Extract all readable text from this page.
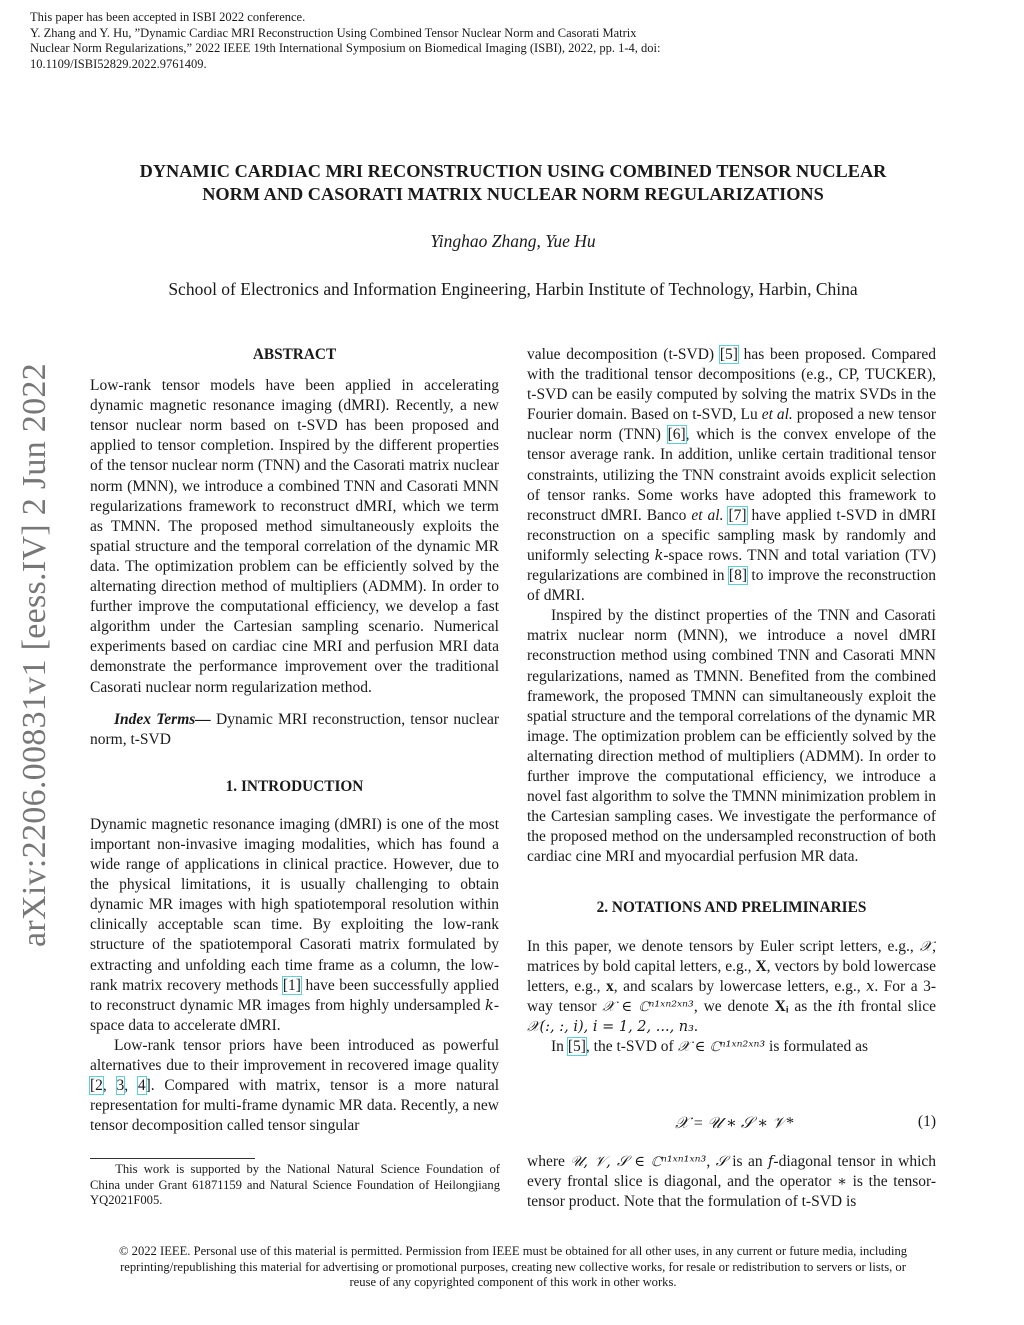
This paper has been accepted in ISBI 2022 conference.

Y. Zhang and Y. Hu, ”Dynamic Cardiac MRI Reconstruction Using Combined Tensor Nuclear Norm and Casorati Matrix

Nuclear Norm Regularizations,” 2022 IEEE 19th International Symposium on Biomedical Imaging (ISBI), 2022, pp. 1-4, doi:

10.1109/ISBI52829.2022.9761409.

arXiv:2206.00831v1 [eess.IV] 2 Jun 2022
DYNAMIC CARDIAC MRI RECONSTRUCTION USING COMBINED TENSOR NUCLEAR
NORM AND CASORATI MATRIX NUCLEAR NORM REGULARIZATIONS
Yinghao Zhang, Yue Hu
School of Electronics and Information Engineering, Harbin Institute of Technology, Harbin, China
ABSTRACT

Low-rank tensor models have been applied in accelerating dynamic magnetic resonance imaging (dMRI). Recently, a new tensor nuclear norm based on t-SVD has been proposed and applied to tensor completion. Inspired by the different properties of the tensor nuclear norm (TNN) and the Casorati matrix nuclear norm (MNN), we introduce a combined TNN and Casorati MNN regularizations framework to reconstruct dMRI, which we term as TMNN. The proposed method simultaneously exploits the spatial structure and the temporal correlation of the dynamic MR data. The optimization problem can be efficiently solved by the alternating direction method of multipliers (ADMM). In order to further improve the computational efficiency, we develop a fast algorithm under the Cartesian sampling scenario. Numerical experiments based on cardiac cine MRI and perfusion MRI data demonstrate the performance improvement over the traditional Casorati nuclear norm regularization method.

Index Terms— Dynamic MRI reconstruction, tensor nuclear norm, t-SVD

1. INTRODUCTION

Dynamic magnetic resonance imaging (dMRI) is one of the most important non-invasive imaging modalities, which has found a wide range of applications in clinical practice. However, due to the physical limitations, it is usually challenging to obtain dynamic MR images with high spatiotemporal resolution within clinically acceptable scan time. By exploiting the low-rank structure of the spatiotemporal Casorati matrix formulated by extracting and unfolding each time frame as a column, the low-rank matrix recovery methods [1] have been successfully applied to reconstruct dynamic MR images from highly undersampled k-space data to accelerate dMRI.

Low-rank tensor priors have been introduced as powerful alternatives due to their improvement in recovered image quality [2, 3, 4]. Compared with matrix, tensor is a more natural representation for multi-frame dynamic MR data. Recently, a new tensor decomposition called tensor singular

This work is supported by the National Natural Science Foundation of China under Grant 61871159 and Natural Science Foundation of Heilongjiang YQ2021F005.

value decomposition (t-SVD) [5] has been proposed. Compared with the traditional tensor decompositions (e.g., CP, TUCKER), t-SVD can be easily computed by solving the matrix SVDs in the Fourier domain. Based on t-SVD, Lu et al. proposed a new tensor nuclear norm (TNN) [6], which is the convex envelope of the tensor average rank. In addition, unlike certain traditional tensor constraints, utilizing the TNN constraint avoids explicit selection of tensor ranks. Some works have adopted this framework to reconstruct dMRI. Banco et al. [7] have applied t-SVD in dMRI reconstruction on a specific sampling mask by randomly and uniformly selecting k-space rows. TNN and total variation (TV) regularizations are combined in [8] to improve the reconstruction of dMRI.

Inspired by the distinct properties of the TNN and Casorati matrix nuclear norm (MNN), we introduce a novel dMRI reconstruction method using combined TNN and Casorati MNN regularizations, named as TMNN. Benefited from the combined framework, the proposed TMNN can simultaneously exploit the spatial structure and the temporal correlations of the dynamic MR image. The optimization problem can be efficiently solved by the alternating direction method of multipliers (ADMM). In order to further improve the computational efficiency, we introduce a novel fast algorithm to solve the TMNN minimization problem in the Cartesian sampling cases. We investigate the performance of the proposed method on the undersampled reconstruction of both cardiac cine MRI and myocardial perfusion MR data.

2. NOTATIONS AND PRELIMINARIES

In this paper, we denote tensors by Euler script letters, e.g., 𝒳, matrices by bold capital letters, e.g., X, vectors by bold lowercase letters, e.g., x, and scalars by lowercase letters, e.g., x. For a 3-way tensor 𝒳 ∈ ℂⁿ¹ˣⁿ²ˣⁿ³, we denote Xᵢ as the ith frontal slice 𝒳(:, :, i), i = 1, 2, ..., n₃.

In [5], the t-SVD of 𝒳 ∈ ℂⁿ¹ˣⁿ²ˣⁿ³ is formulated as

𝒳 = 𝒰 ∗ 𝒮 ∗ 𝒱*	(1)

where 𝒰, 𝒱, 𝒮 ∈ ℂⁿ¹ˣⁿ¹ˣⁿ³, 𝒮 is an f-diagonal tensor in which every frontal slice is diagonal, and the operator ∗ is the tensor-tensor product. Note that the formulation of t-SVD is

© 2022 IEEE. Personal use of this material is permitted. Permission from IEEE must be obtained for all other uses, in any current or future media, including
reprinting/republishing this material for advertising or promotional purposes, creating new collective works, for resale or redistribution to servers or lists, or
reuse of any copyrighted component of this work in other works.
